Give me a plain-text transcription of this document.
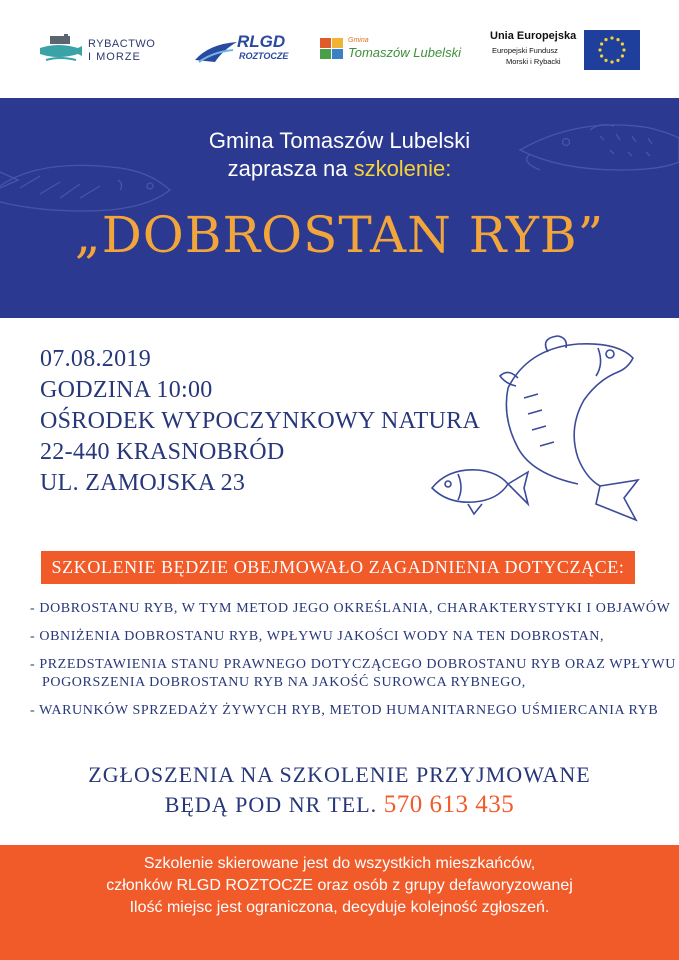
RYBACTWO
I MORZE
RLGD
ROZTOCZE
Gmina
Tomaszów Lubelski
Unia Europejska
Europejski Fundusz
Morski i Rybacki
Gmina Tomaszów Lubelski
zaprasza na szkolenie:
„DOBROSTAN RYB”
07.08.2019
GODZINA 10:00
OŚRODEK WYPOCZYNKOWY NATURA
22-440 KRASNOBRÓD
UL. ZAMOJSKA 23
SZKOLENIE BĘDZIE OBEJMOWAŁO ZAGADNIENIA DOTYCZĄCE:
- DOBROSTANU RYB, W TYM METOD JEGO OKREŚLANIA, CHARAKTERYSTYKI I OBJAWÓW
- OBNIŻENIA DOBROSTANU RYB, WPŁYWU JAKOŚCI WODY NA TEN DOBROSTAN,
- PRZEDSTAWIENIA STANU PRAWNEGO DOTYCZĄCEGO DOBROSTANU RYB ORAZ WPŁYWU
POGORSZENIA DOBROSTANU RYB NA JAKOŚĆ SUROWCA RYBNEGO,
- WARUNKÓW SPRZEDAŻY ŻYWYCH RYB, METOD HUMANITARNEGO UŚMIERCANIA RYB
ZGŁOSZENIA NA SZKOLENIE PRZYJMOWANE
BĘDĄ POD NR TEL. 570 613 435
Szkolenie skierowane jest do wszystkich mieszkańców,
członków RLGD ROZTOCZE oraz osób z grupy defaworyzowanej
Ilość miejsc jest ograniczona, decyduje kolejność zgłoszeń.
